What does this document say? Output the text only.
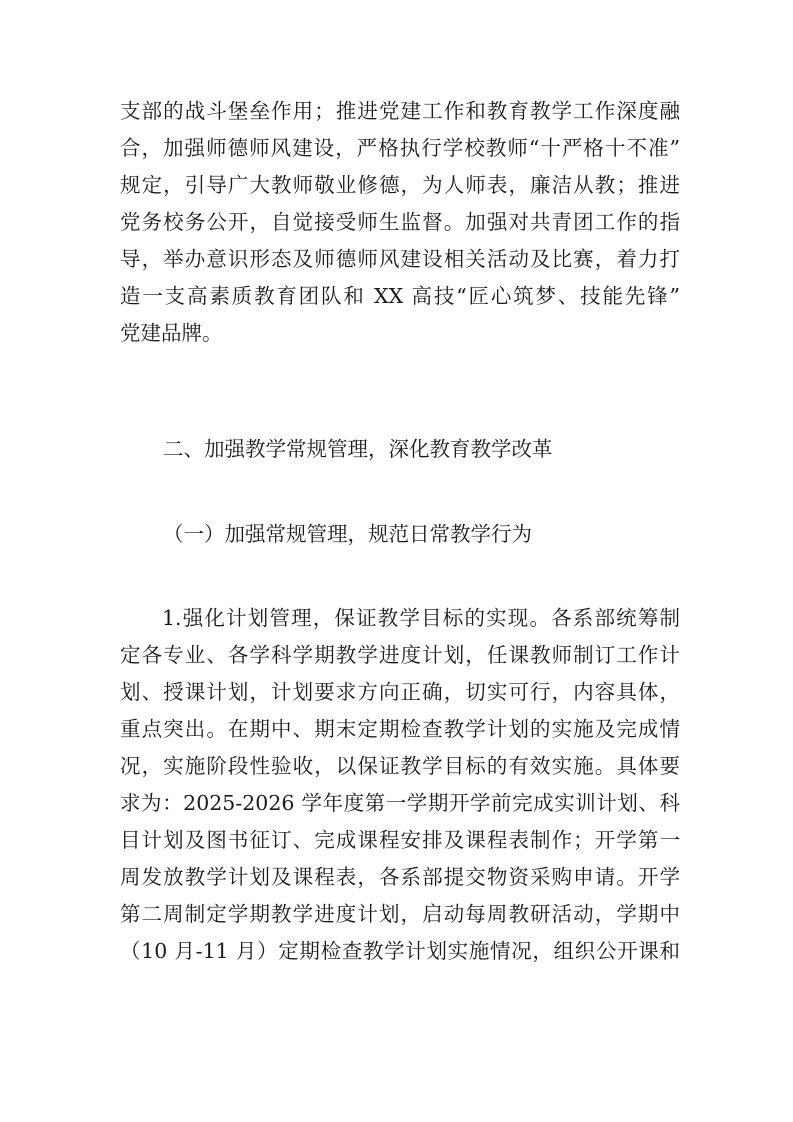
支部的战斗堡垒作用；推进党建工作和教育教学工作深度融
合，加强师德师风建设，严格执行学校教师“十严格十不准”
规定，引导广大教师敬业修德，为人师表，廉洁从教；推进
党务校务公开，自觉接受师生监督。加强对共青团工作的指
导，举办意识形态及师德师风建设相关活动及比赛，着力打
造一支高素质教育团队和 XX 高技“匠心筑梦、技能先锋”
党建品牌。
二、加强教学常规管理，深化教育教学改革
（一）加强常规管理，规范日常教学行为
1.强化计划管理，保证教学目标的实现。各系部统筹制
定各专业、各学科学期教学进度计划，任课教师制订工作计
划、授课计划，计划要求方向正确，切实可行，内容具体，
重点突出。在期中、期末定期检查教学计划的实施及完成情
况，实施阶段性验收，以保证教学目标的有效实施。具体要
求为：2025-2026 学年度第一学期开学前完成实训计划、科
目计划及图书征订、完成课程安排及课程表制作；开学第一
周发放教学计划及课程表，各系部提交物资采购申请。开学
第二周制定学期教学进度计划，启动每周教研活动，学期中
（10 月-11 月）定期检查教学计划实施情况，组织公开课和
